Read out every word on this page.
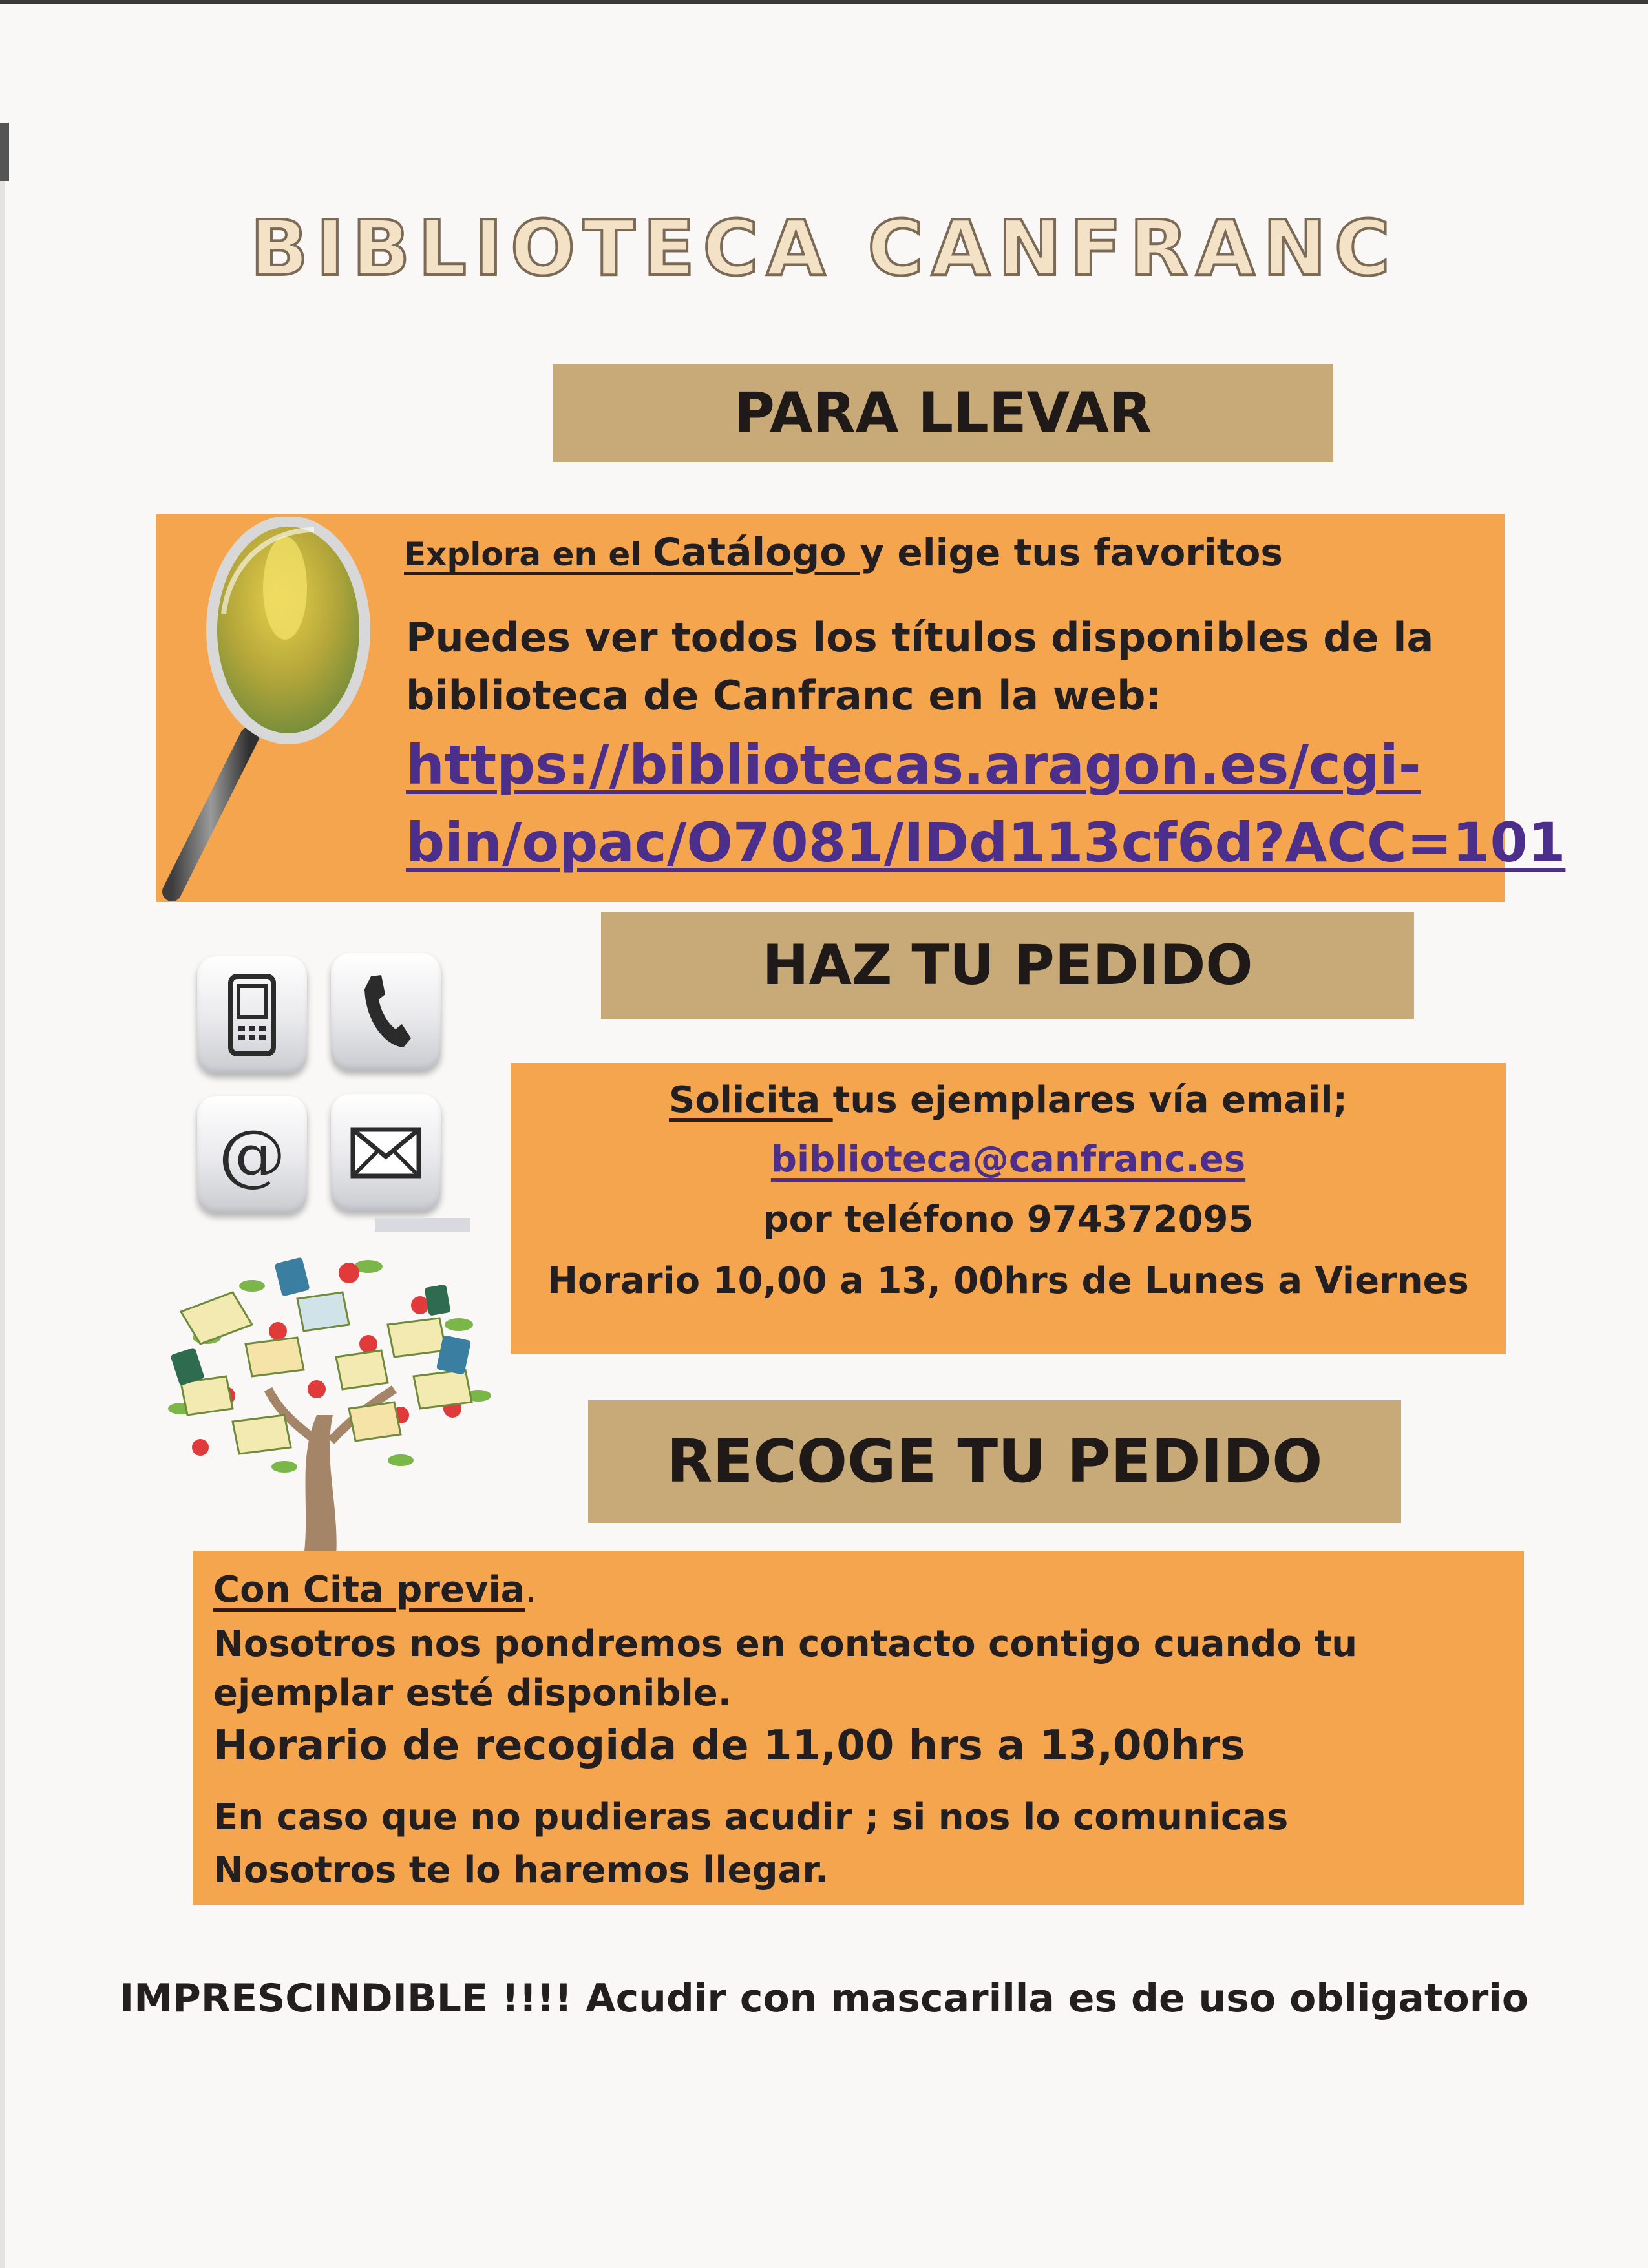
BIBLIOTECA CANFRANC
PARA LLEVAR
Explora en el Catálogo y elige tus favoritos
Puedes ver todos los títulos disponibles de la
biblioteca de Canfranc en la web:
https://bibliotecas.aragon.es/cgi-
bin/opac/O7081/IDd113cf6d?ACC=101
HAZ TU PEDIDO
@
Solicita tus ejemplares vía email;
biblioteca@canfranc.es
por teléfono 974372095
Horario 10,00 a 13, 00hrs de Lunes a Viernes
RECOGE TU PEDIDO
Con Cita previa.
Nosotros nos pondremos en contacto contigo cuando tu
ejemplar esté disponible.
Horario de recogida de 11,00 hrs a 13,00hrs
En caso que no pudieras acudir ; si nos lo comunicas
Nosotros te lo haremos llegar.
IMPRESCINDIBLE !!!! Acudir con mascarilla es de uso obligatorio
